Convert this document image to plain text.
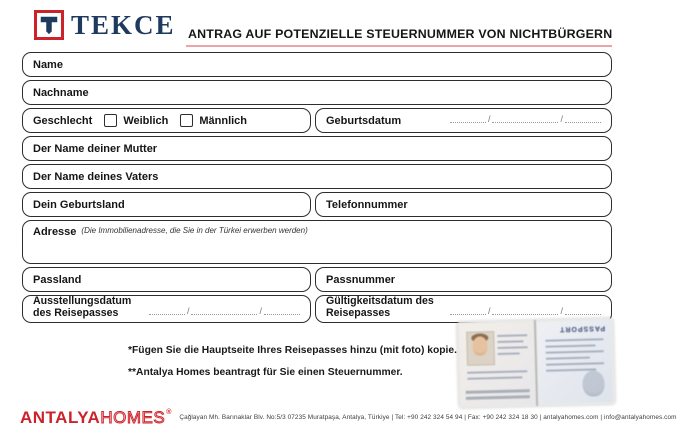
TEKCE ANTRAG AUF POTENZIELLE STEUERNUMMER VON NICHTBÜRGERN
Name
Nachname
Geschlecht	Weiblich	Männlich	Geburtsdatum	/	/
Der Name deiner Mutter
Der Name deines Vaters
Dein Geburtsland	Telefonnummer
Adresse (Die Immobilienadresse, die Sie in der Türkei erwerben werden)
Passland	Passnummer
Ausstellungsdatum des Reisepasses	/	/
Gültigkeitsdatum des Reisepasses	/	/
*Fügen Sie die Hauptseite Ihres Reisepasses hinzu (mit foto) kopie.
**Antalya Homes beantragt für Sie einen Steuernummer.
PASSPORT
ANTALYA HOMES ®
Çağlayan Mh. Barınaklar Blv. No:5/3 07235 Muratpaşa, Antalya, Türkiye | Tel: +90 242 324 54 94 | Fax: +90 242 324 18 30 | antalyahomes.com | info@antalyahomes.com
